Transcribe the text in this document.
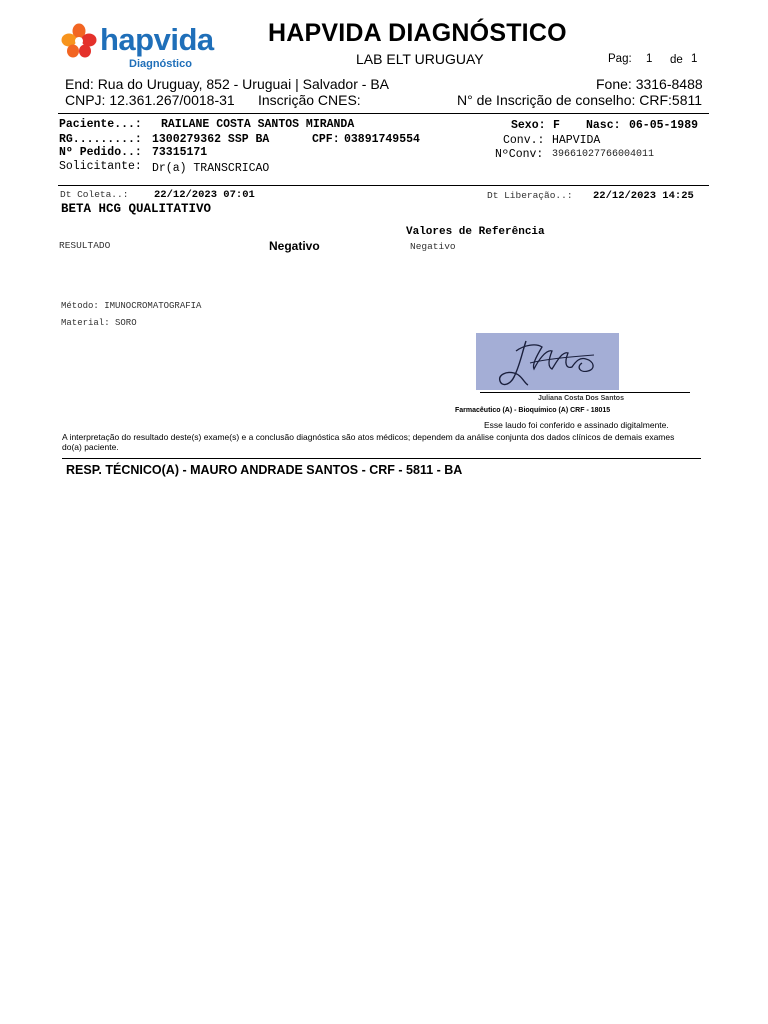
hapvida
Diagnóstico
HAPVIDA DIAGNÓSTICO
LAB ELT URUGUAY	Pag: 1 de 1
End: Rua do Uruguay, 852 - Uruguai | Salvador - BA	Fone: 3316-8488
CNPJ: 12.361.267/0018-31 Inscrição CNES:	N° de Inscrição de conselho: CRF:5811
Paciente...: RAILANE COSTA SANTOS MIRANDA	Sexo: F Nasc: 06-05-1989
RG.........: 1300279362 SSP BA	CPF: 03891749554	Conv.: HAPVIDA
Nº Pedido..: 73315171	NºConv: 39661027766004011
Solicitante: Dr(a) TRANSCRICAO
Dt Coleta..: 22/12/2023 07:01	Dt Liberação..: 22/12/2023 14:25
BETA HCG QUALITATIVO
Valores de Referência
RESULTADO	Negativo	Negativo
Método: IMUNOCROMATOGRAFIA
Material: SORO
Juliana Costa Dos Santos
Farmacêutico (A) - Bioquímico (A) CRF - 18015
Esse laudo foi conferido e assinado digitalmente.
A interpretação do resultado deste(s) exame(s) e a conclusão diagnóstica são atos médicos; dependem da análise conjunta dos dados clínicos de demais exames do(a) paciente.
RESP. TÉCNICO(A) - MAURO ANDRADE SANTOS - CRF - 5811 - BA
